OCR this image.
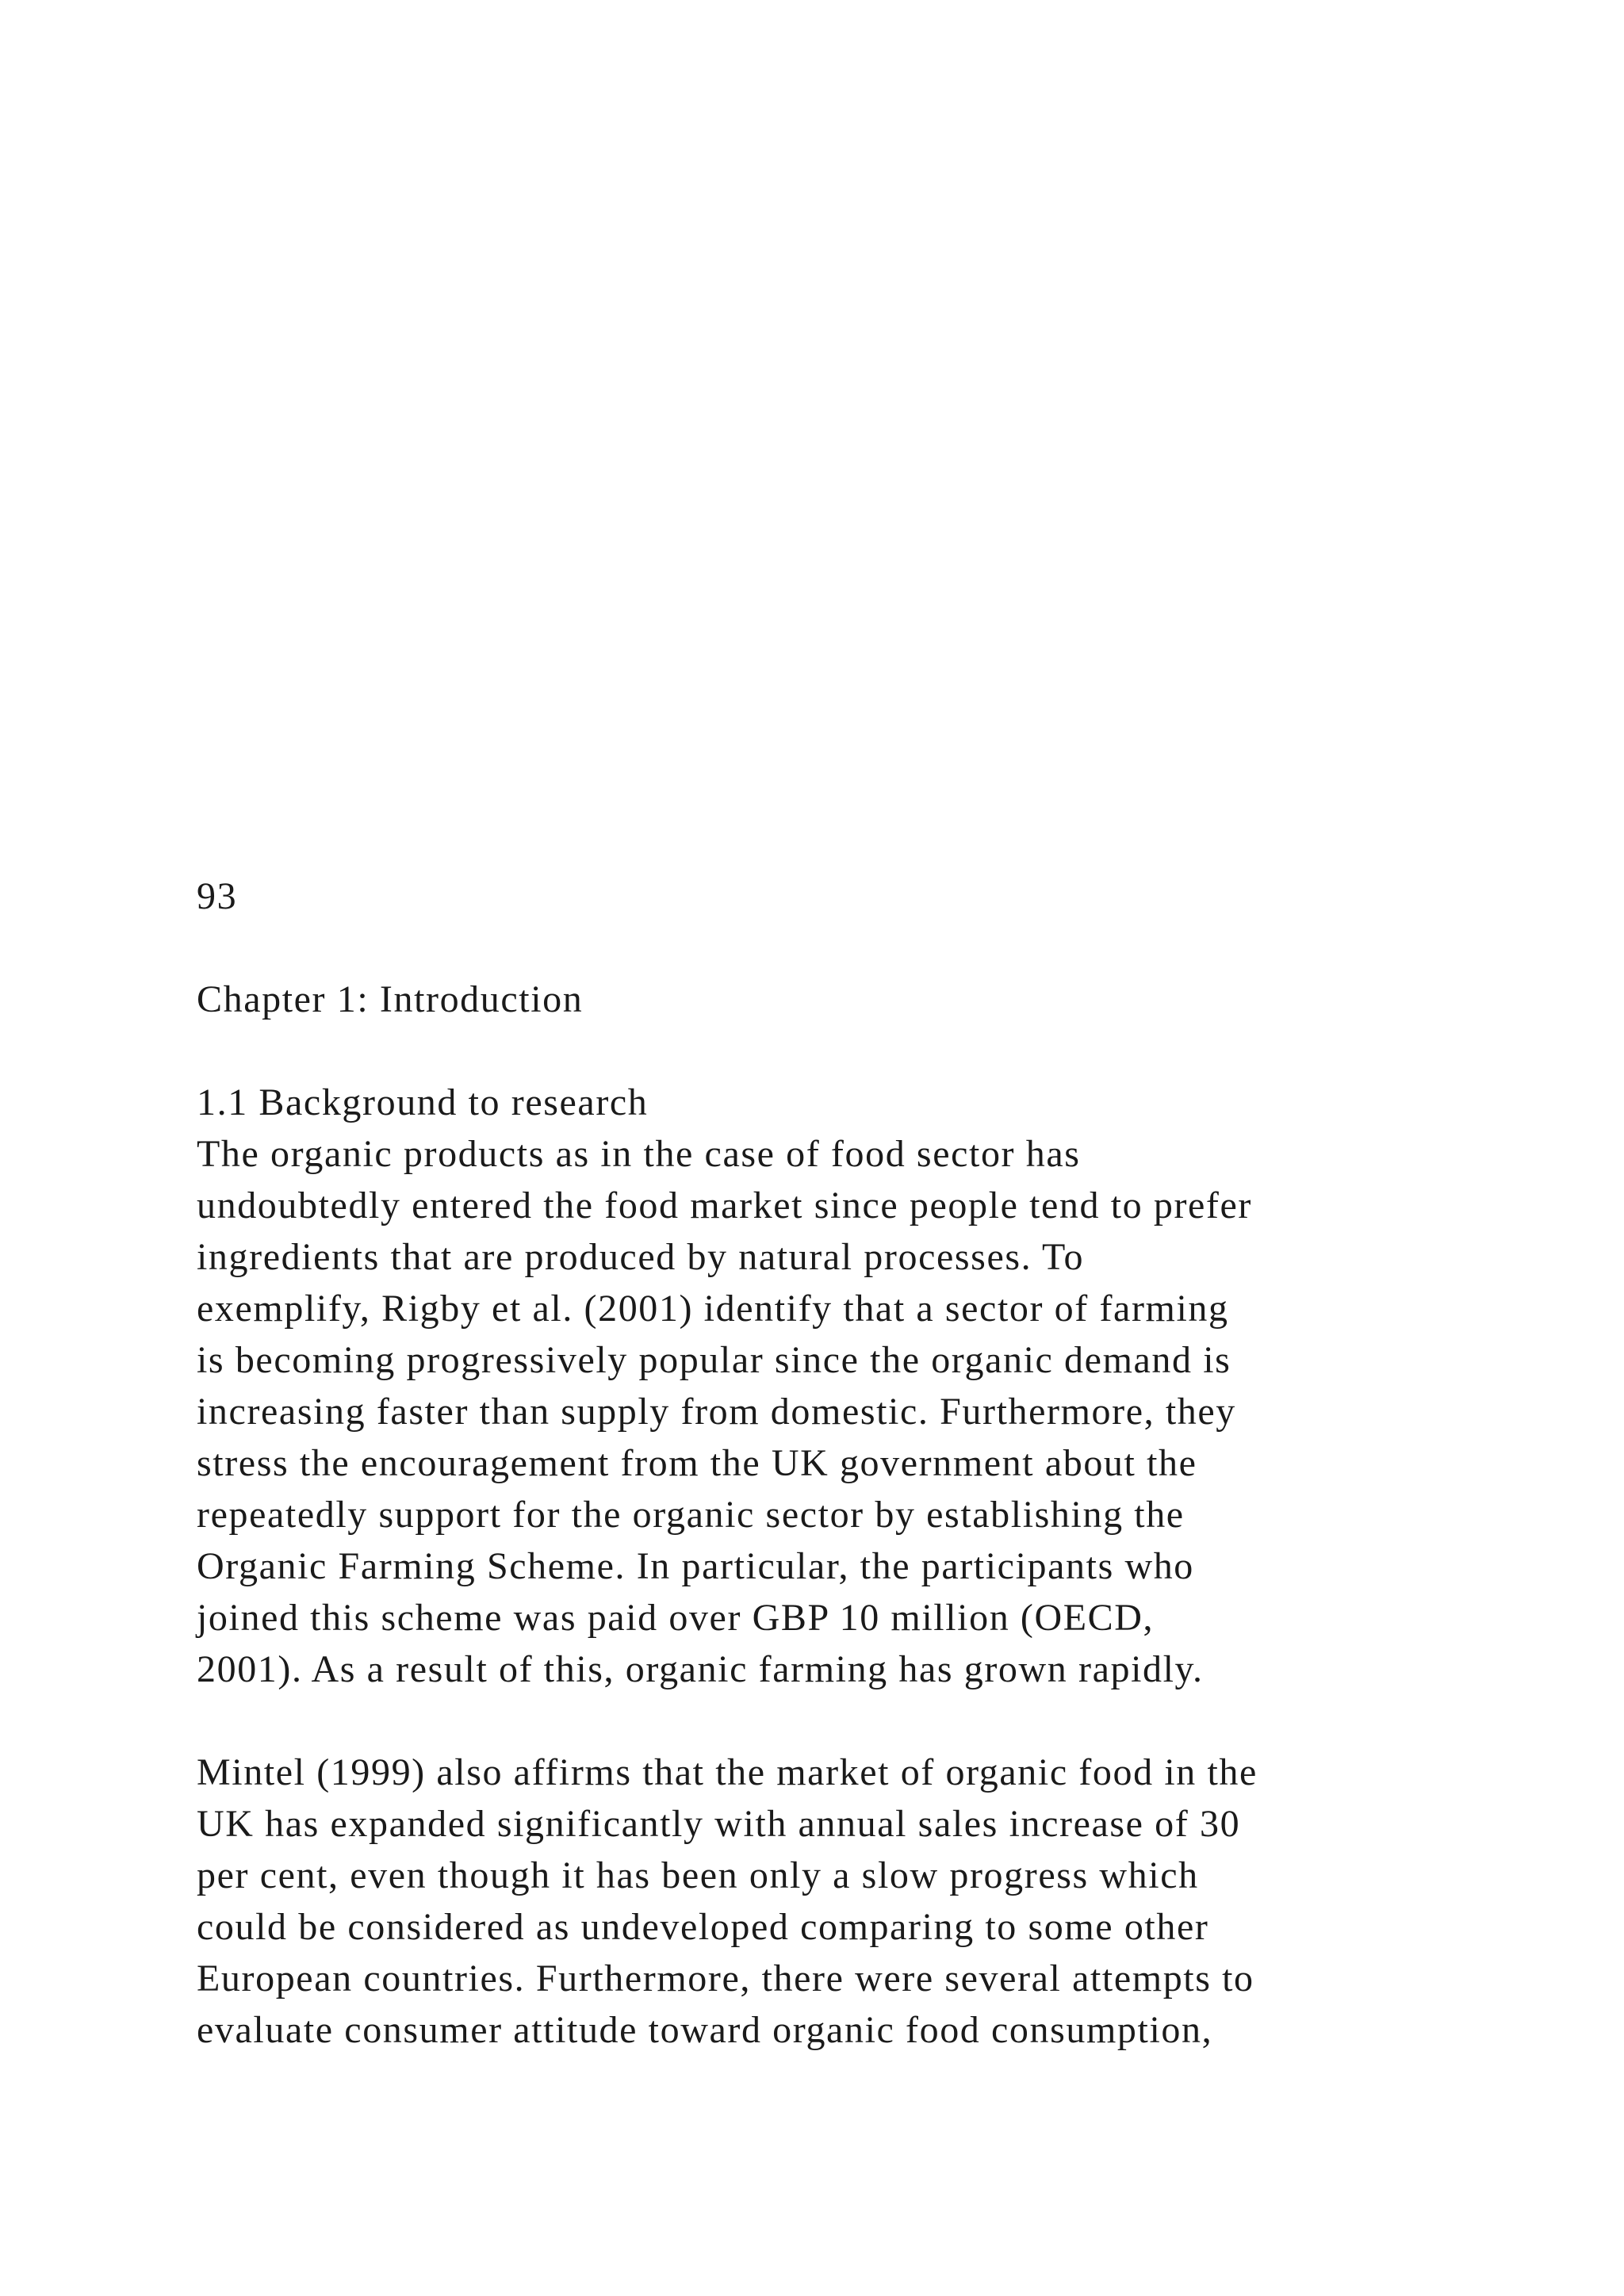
93
Chapter 1: Introduction
1.1 Background to research
The organic products as in the case of food sector has
undoubtedly entered the food market since people tend to prefer
ingredients that are produced by natural processes. To
exemplify, Rigby et al. (2001) identify that a sector of farming
is becoming progressively popular since the organic demand is
increasing faster than supply from domestic. Furthermore, they
stress the encouragement from the UK government about the
repeatedly support for the organic sector by establishing the
Organic Farming Scheme. In particular, the participants who
joined this scheme was paid over GBP 10 million (OECD,
2001). As a result of this, organic farming has grown rapidly.
Mintel (1999) also affirms that the market of organic food in the
UK has expanded significantly with annual sales increase of 30
per cent, even though it has been only a slow progress which
could be considered as undeveloped comparing to some other
European countries. Furthermore, there were several attempts to
evaluate consumer attitude toward organic food consumption,
